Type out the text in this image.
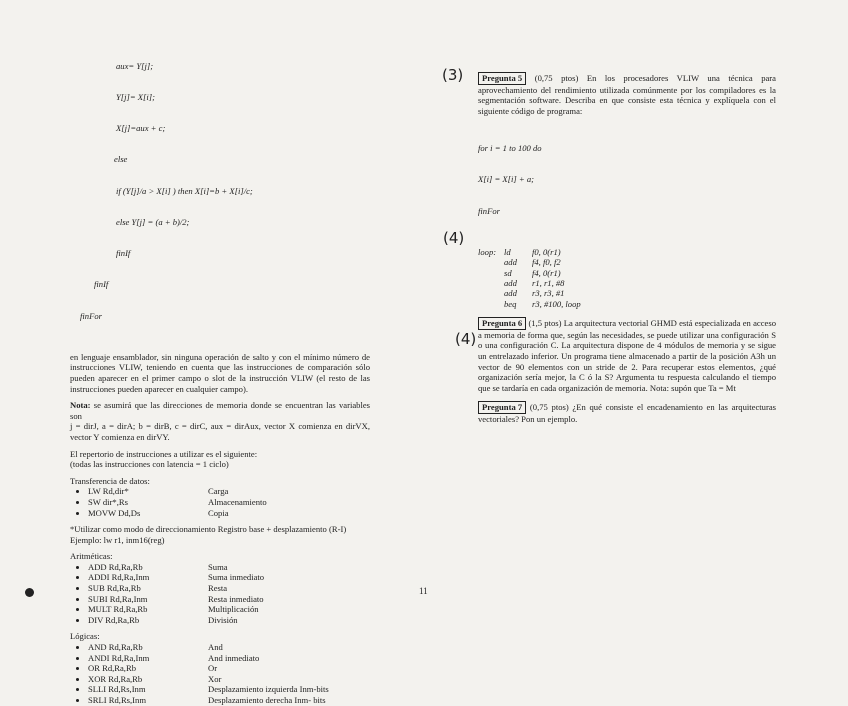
aux= Y[j];

Y[j]= X[i];

X[j]=aux + c;

else

if (Y[j]/a > X[i] ) then X[i]=b + X[i]/c;

else Y[j] = (a + b)/2;

finIf

finIf

finFor

en lenguaje ensamblador, sin ninguna operación de salto y con el mínimo número de instrucciones VLIW, teniendo en cuenta que las instrucciones de comparación sólo pueden aparecer en el primer campo o slot de la instrucción VLIW (el resto de las instrucciones pueden aparecer en cualquier campo).

Nota: se asumirá que las direcciones de memoria donde se encuentran las variables son
j = dirJ, a = dirA; b = dirB, c = dirC, aux = dirAux, vector X comienza en dirVX, vector Y comienza en dirVY.

El repertorio de instrucciones a utilizar es el siguiente:
(todas las instrucciones con latencia = 1 ciclo)
Transferencia de datos:
• LW Rd,dir*	Carga
• SW dir*,Rs	Almacenamiento
• MOVW Dd,Ds	Copia
*Utilizar como modo de direccionamiento Registro base + desplazamiento (R-I)
Ejemplo: lw r1, inm16(reg)
Aritméticas:
• ADD Rd,Ra,Rb	Suma
• ADDI Rd,Ra,Inm	Suma inmediato
• SUB Rd,Ra,Rb	Resta
• SUBI Rd,Ra,Inm	Resta inmediato
• MULT Rd,Ra,Rb	Multiplicación
• DIV Rd,Ra,Rb	División
Lógicas:
• AND Rd,Ra,Rb	And
• ANDI Rd,Ra,Inm	And inmediato
• OR Rd,Ra,Rb	Or
• XOR Rd,Ra,Rb	Xor
• SLLI Rd,Rs,Inm	Desplazamiento izquierda Inm-bits
• SRLI Rd,Rs,Inm	Desplazamiento derecha Inm- bits
(3)
(4)
(4)

Pregunta 5 (0,75 ptos) En los procesadores VLIW una técnica para aprovechamiento del rendimiento utilizada comúnmente por los compiladores es la segmentación software. Describa en que consiste esta técnica y explíquela con el siguiente código de programa:

for i = 1 to 100 do

X[i] = X[i] + a;

finFor

loop: ld	f0, 0(r1)
add	f4, f0, f2
sd	f4, 0(r1)
add	r1, r1, #8
add	r3, r3, #1
beq	r3, #100, loop

Pregunta 6 (1,5 ptos) La arquitectura vectorial GHMD está especializada en acceso a memoria de forma que, según las necesidades, se puede utilizar una configuración S o una configuración C. La arquitectura dispone de 4 módulos de memoria y se sigue un entrelazado inferior. Un programa tiene almacenado a partir de la posición A3h un vector de 90 elementos con un stride de 2. Para recuperar estos elementos, ¿qué organización sería mejor, la C ó la S? Argumenta tu respuesta calculando el tiempo que se tardaría en cada organización de memoria. Nota: supón que Ta = Mt

Pregunta 7 (0,75 ptos) ¿En qué consiste el encadenamiento en las arquitecturas vectoriales? Pon un ejemplo.

11
